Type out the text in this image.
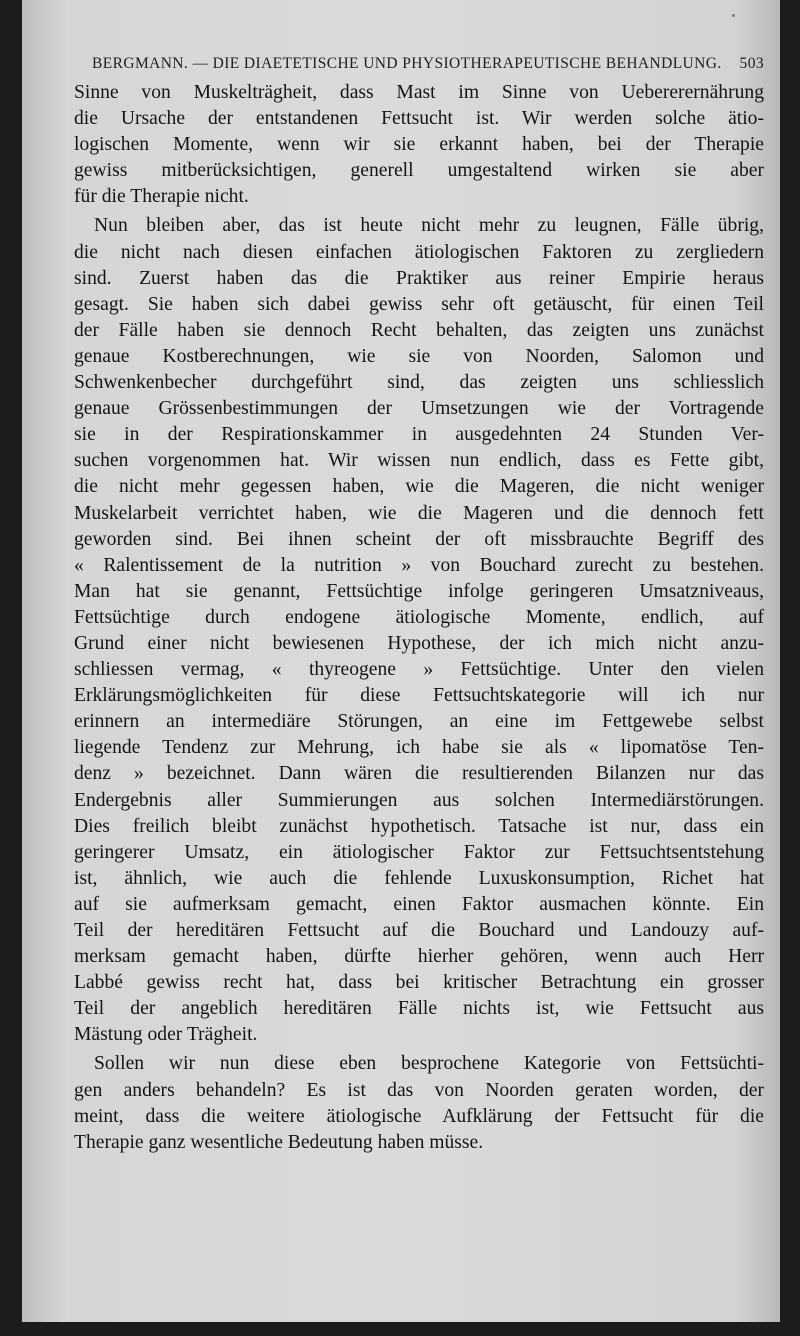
BERGMANN. — DIE DIAETETISCHE UND PHYSIOTHERAPEUTISCHE BEHANDLUNG. 503
Sinne von Muskelträgheit, dass Mast im Sinne von Uebererernährung
die Ursache der entstandenen Fettsucht ist. Wir werden solche ätio-
logischen Momente, wenn wir sie erkannt haben, bei der Therapie
gewiss mitberücksichtigen, generell umgestaltend wirken sie aber
für die Therapie nicht.
Nun bleiben aber, das ist heute nicht mehr zu leugnen, Fälle übrig,
die nicht nach diesen einfachen ätiologischen Faktoren zu zergliedern
sind. Zuerst haben das die Praktiker aus reiner Empirie heraus
gesagt. Sie haben sich dabei gewiss sehr oft getäuscht, für einen Teil
der Fälle haben sie dennoch Recht behalten, das zeigten uns zunächst
genaue Kostberechnungen, wie sie von Noorden, Salomon und
Schwenkenbecher durchgeführt sind, das zeigten uns schliesslich
genaue Grössenbestimmungen der Umsetzungen wie der Vortragende
sie in der Respirationskammer in ausgedehnten 24 Stunden Ver-
suchen vorgenommen hat. Wir wissen nun endlich, dass es Fette gibt,
die nicht mehr gegessen haben, wie die Mageren, die nicht weniger
Muskelarbeit verrichtet haben, wie die Mageren und die dennoch fett
geworden sind. Bei ihnen scheint der oft missbrauchte Begriff des
« Ralentissement de la nutrition » von Bouchard zurecht zu bestehen.
Man hat sie genannt, Fettsüchtige infolge geringeren Umsatzniveaus,
Fettsüchtige durch endogene ätiologische Momente, endlich, auf
Grund einer nicht bewiesenen Hypothese, der ich mich nicht anzu-
schliessen vermag, « thyreogene » Fettsüchtige. Unter den vielen
Erklärungsmöglichkeiten für diese Fettsuchtskategorie will ich nur
erinnern an intermediäre Störungen, an eine im Fettgewebe selbst
liegende Tendenz zur Mehrung, ich habe sie als « lipomatöse Ten-
denz » bezeichnet. Dann wären die resultierenden Bilanzen nur das
Endergebnis aller Summierungen aus solchen Intermediärstörungen.
Dies freilich bleibt zunächst hypothetisch. Tatsache ist nur, dass ein
geringerer Umsatz, ein ätiologischer Faktor zur Fettsuchtsentstehung
ist, ähnlich, wie auch die fehlende Luxuskonsumption, Richet hat
auf sie aufmerksam gemacht, einen Faktor ausmachen könnte. Ein
Teil der hereditären Fettsucht auf die Bouchard und Landouzy auf-
merksam gemacht haben, dürfte hierher gehören, wenn auch Herr
Labbé gewiss recht hat, dass bei kritischer Betrachtung ein grosser
Teil der angeblich hereditären Fälle nichts ist, wie Fettsucht aus
Mästung oder Trägheit.
Sollen wir nun diese eben besprochene Kategorie von Fettsüchti-
gen anders behandeln? Es ist das von Noorden geraten worden, der
meint, dass die weitere ätiologische Aufklärung der Fettsucht für die
Therapie ganz wesentliche Bedeutung haben müsse.
